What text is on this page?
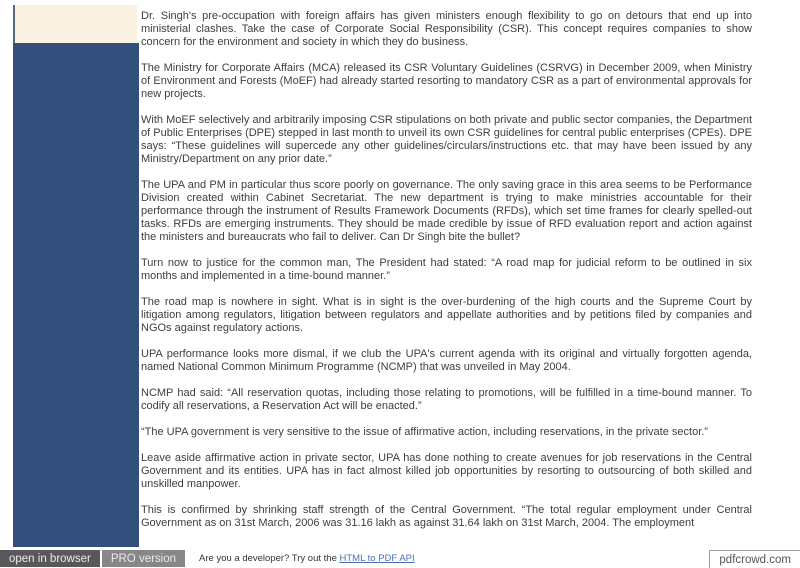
Dr. Singh's pre-occupation with foreign affairs has given ministers enough flexibility to go on detours that end up into ministerial clashes. Take the case of Corporate Social Responsibility (CSR). This concept requires companies to show concern for the environment and society in which they do business.

The Ministry for Corporate Affairs (MCA) released its CSR Voluntary Guidelines (CSRVG) in December 2009, when Ministry of Environment and Forests (MoEF) had already started resorting to mandatory CSR as a part of environmental approvals for new projects.

With MoEF selectively and arbitrarily imposing CSR stipulations on both private and public sector companies, the Department of Public Enterprises (DPE) stepped in last month to unveil its own CSR guidelines for central public enterprises (CPEs). DPE says: “These guidelines will supercede any other guidelines/circulars/instructions etc. that may have been issued by any Ministry/Department on any prior date.”

The UPA and PM in particular thus score poorly on governance. The only saving grace in this area seems to be Performance Division created within Cabinet Secretariat. The new department is trying to make ministries accountable for their performance through the instrument of Results Framework Documents (RFDs), which set time frames for clearly spelled-out tasks. RFDs are emerging instruments. They should be made credible by issue of RFD evaluation report and action against the ministers and bureaucrats who fail to deliver. Can Dr Singh bite the bullet?

Turn now to justice for the common man, The President had stated: “A road map for judicial reform to be outlined in six months and implemented in a time-bound manner.”

The road map is nowhere in sight. What is in sight is the over-burdening of the high courts and the Supreme Court by litigation among regulators, litigation between regulators and appellate authorities and by petitions filed by companies and NGOs against regulatory actions.

UPA performance looks more dismal, if we club the UPA's current agenda with its original and virtually forgotten agenda, named National Common Minimum Programme (NCMP) that was unveiled in May 2004.

NCMP had said: “All reservation quotas, including those relating to promotions, will be fulfilled in a time-bound manner. To codify all reservations, a Reservation Act will be enacted.”

“The UPA government is very sensitive to the issue of affirmative action, including reservations, in the private sector.”

Leave aside affirmative action in private sector, UPA has done nothing to create avenues for job reservations in the Central Government and its entities. UPA has in fact almost killed job opportunities by resorting to outsourcing of both skilled and unskilled manpower.

This is confirmed by shrinking staff strength of the Central Government. “The total regular employment under Central Government as on 31st March, 2006 was 31.16 lakh as against 31.64 lakh on 31st March, 2004. The employment

open in browser	PRO version	Are you a developer? Try out the HTML to PDF API	pdfcrowd.com
